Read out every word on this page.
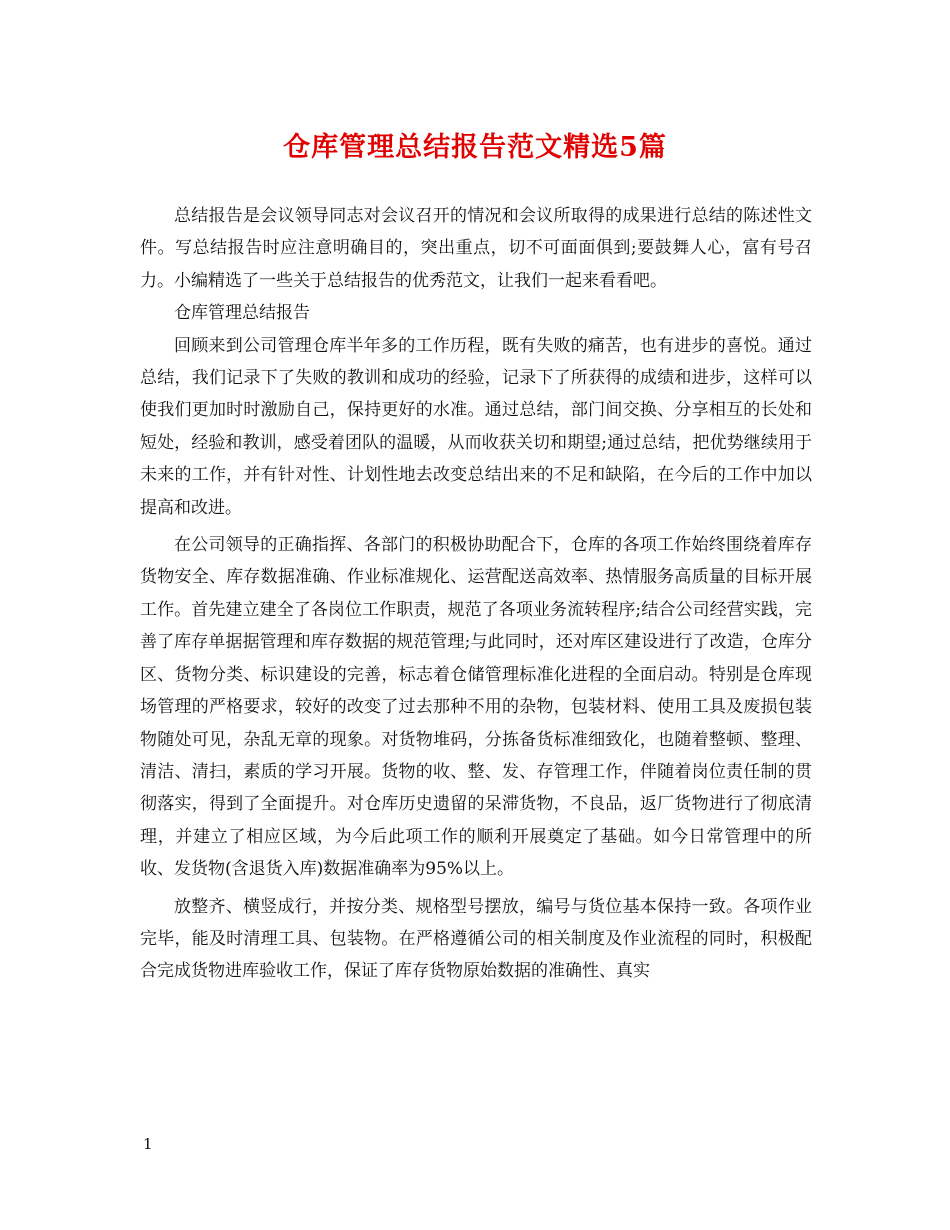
仓库管理总结报告范文精选5篇

总结报告是会议领导同志对会议召开的情况和会议所取得的成果进行总结的陈述性文件。写总结报告时应注意明确目的，突出重点，切不可面面俱到;要鼓舞人心，富有号召力。小编精选了一些关于总结报告的优秀范文，让我们一起来看看吧。

仓库管理总结报告

回顾来到公司管理仓库半年多的工作历程，既有失败的痛苦，也有进步的喜悦。通过总结，我们记录下了失败的教训和成功的经验，记录下了所获得的成绩和进步，这样可以使我们更加时时激励自己，保持更好的水准。通过总结，部门间交换、分享相互的长处和短处，经验和教训，感受着团队的温暖，从而收获关切和期望;通过总结，把优势继续用于未来的工作，并有针对性、计划性地去改变总结出来的不足和缺陷，在今后的工作中加以提高和改进。

在公司领导的正确指挥、各部门的积极协助配合下，仓库的各项工作始终围绕着库存货物安全、库存数据准确、作业标准规化、运营配送高效率、热情服务高质量的目标开展工作。首先建立建全了各岗位工作职责，规范了各项业务流转程序;结合公司经营实践，完善了库存单据据管理和库存数据的规范管理;与此同时，还对库区建设进行了改造，仓库分区、货物分类、标识建设的完善，标志着仓储管理标准化进程的全面启动。特别是仓库现场管理的严格要求，较好的改变了过去那种不用的杂物，包装材料、使用工具及废损包装物随处可见，杂乱无章的现象。对货物堆码，分拣备货标准细致化，也随着整顿、整理、清洁、清扫，素质的学习开展。货物的收、整、发、存管理工作，伴随着岗位责任制的贯彻落实，得到了全面提升。对仓库历史遗留的呆滞货物，不良品，返厂货物进行了彻底清理，并建立了相应区域，为今后此项工作的顺利开展奠定了基础。如今日常管理中的所收、发货物(含退货入库)数据准确率为95%以上。

放整齐、横竖成行，并按分类、规格型号摆放，编号与货位基本保持一致。各项作业完毕，能及时清理工具、包装物。在严格遵循公司的相关制度及作业流程的同时，积极配合完成货物进库验收工作，保证了库存货物原始数据的准确性、真实

1
